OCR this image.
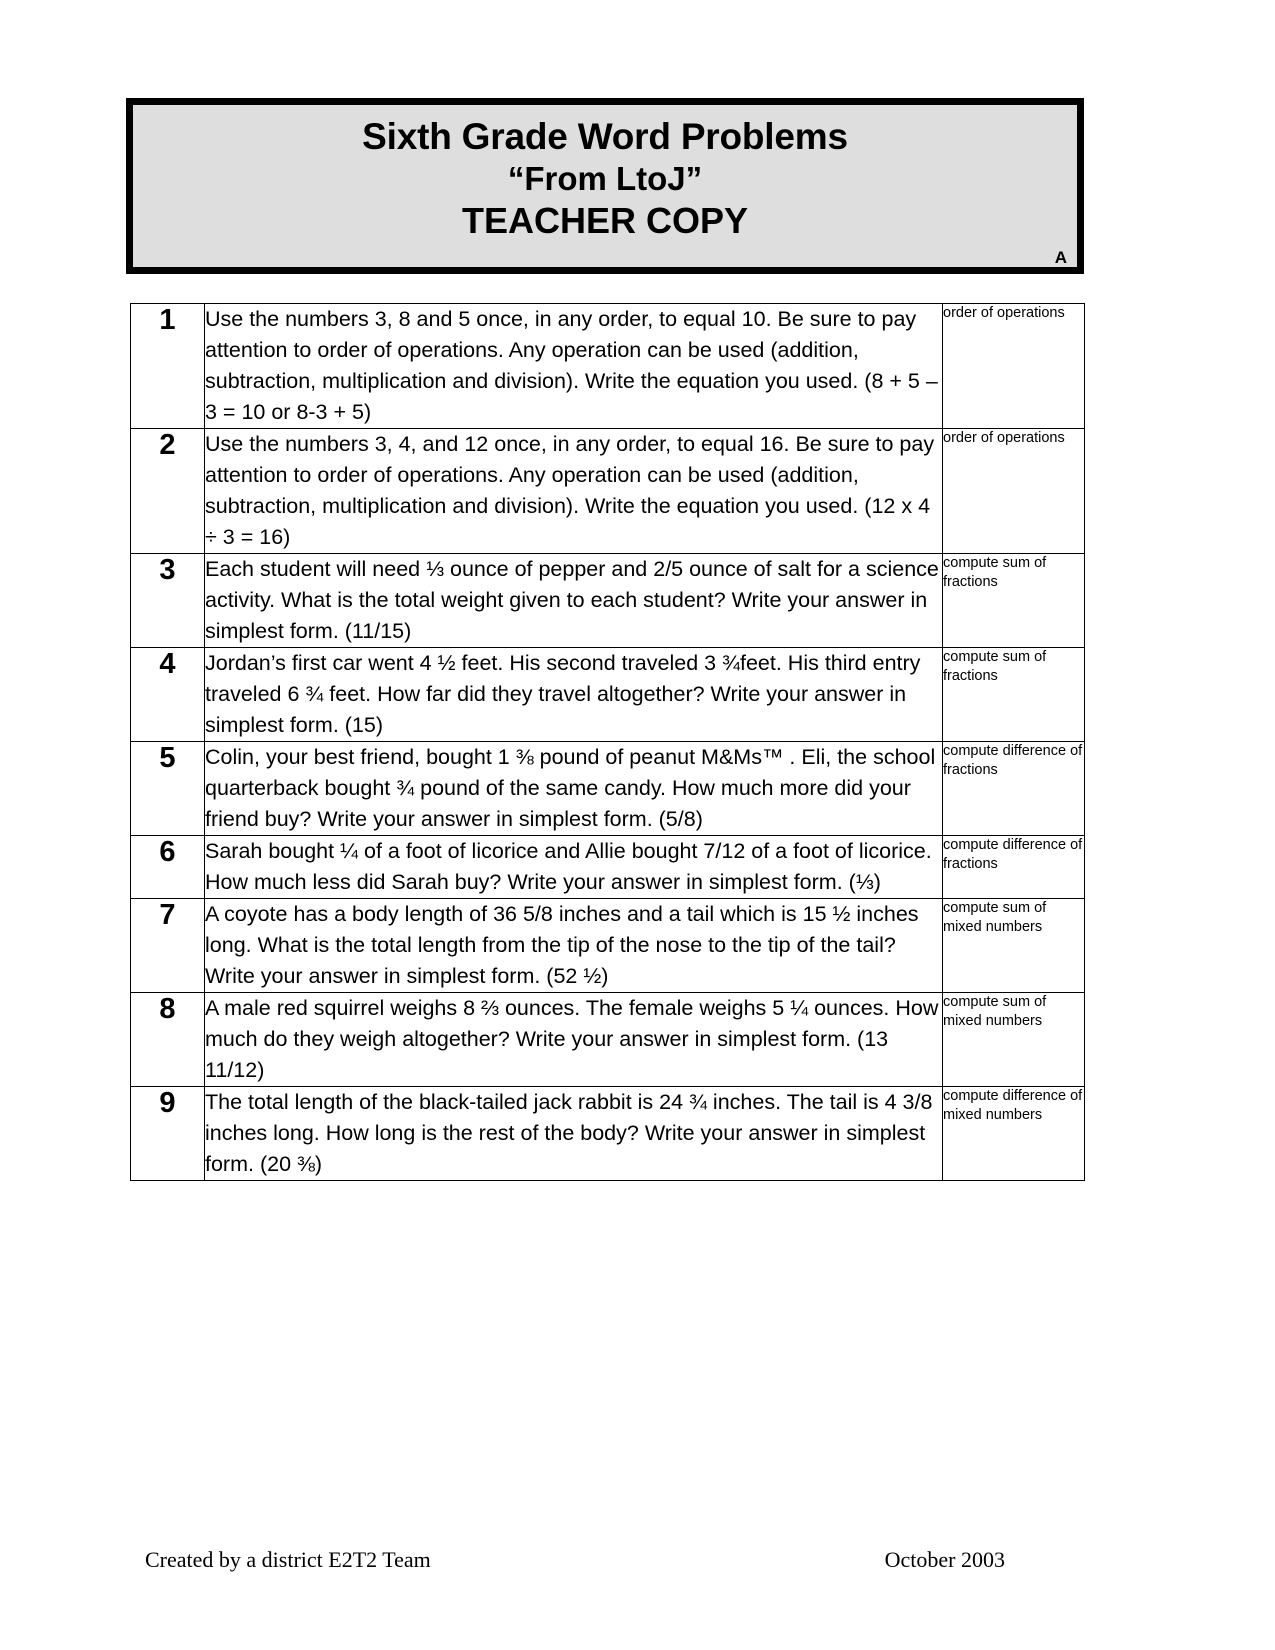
Sixth Grade Word Problems
“From LtoJ”
TEACHER COPY
A
1	Use the numbers 3, 8 and 5 once, in any order, to equal 10. Be sure to pay attention to order of operations. Any operation can be used (addition, subtraction, multiplication and division). Write the equation you used. (8 + 5 – 3 = 10 or 8-3 + 5)	order of operations
2	Use the numbers 3, 4, and 12 once, in any order, to equal 16. Be sure to pay attention to order of operations. Any operation can be used (addition, subtraction, multiplication and division). Write the equation you used. (12 x 4 ÷ 3 = 16)	order of operations
3	Each student will need ⅓ ounce of pepper and 2/5 ounce of salt for a science activity. What is the total weight given to each student? Write your answer in simplest form. (11/15)	compute sum of fractions
4	Jordan’s first car went 4 ½ feet. His second traveled 3 ¾feet. His third entry traveled 6 ¾ feet. How far did they travel altogether? Write your answer in simplest form. (15)	compute sum of fractions
5	Colin, your best friend, bought 1 ⅜ pound of peanut M&Ms™ . Eli, the school quarterback bought ¾ pound of the same candy. How much more did your friend buy? Write your answer in simplest form. (5/8)	compute difference of fractions
6	Sarah bought ¼ of a foot of licorice and Allie bought 7/12 of a foot of licorice. How much less did Sarah buy? Write your answer in simplest form. (⅓)	compute difference of fractions
7	A coyote has a body length of 36 5/8 inches and a tail which is 15 ½ inches long. What is the total length from the tip of the nose to the tip of the tail? Write your answer in simplest form. (52 ½)	compute sum of mixed numbers
8	A male red squirrel weighs 8 ⅔ ounces. The female weighs 5 ¼ ounces. How much do they weigh altogether? Write your answer in simplest form. (13 11/12)	compute sum of mixed numbers
9	The total length of the black-tailed jack rabbit is 24 ¾ inches. The tail is 4 3/8 inches long. How long is the rest of the body? Write your answer in simplest form. (20 ⅜)	compute difference of mixed numbers
Created by a district E2T2 Team	October 2003
